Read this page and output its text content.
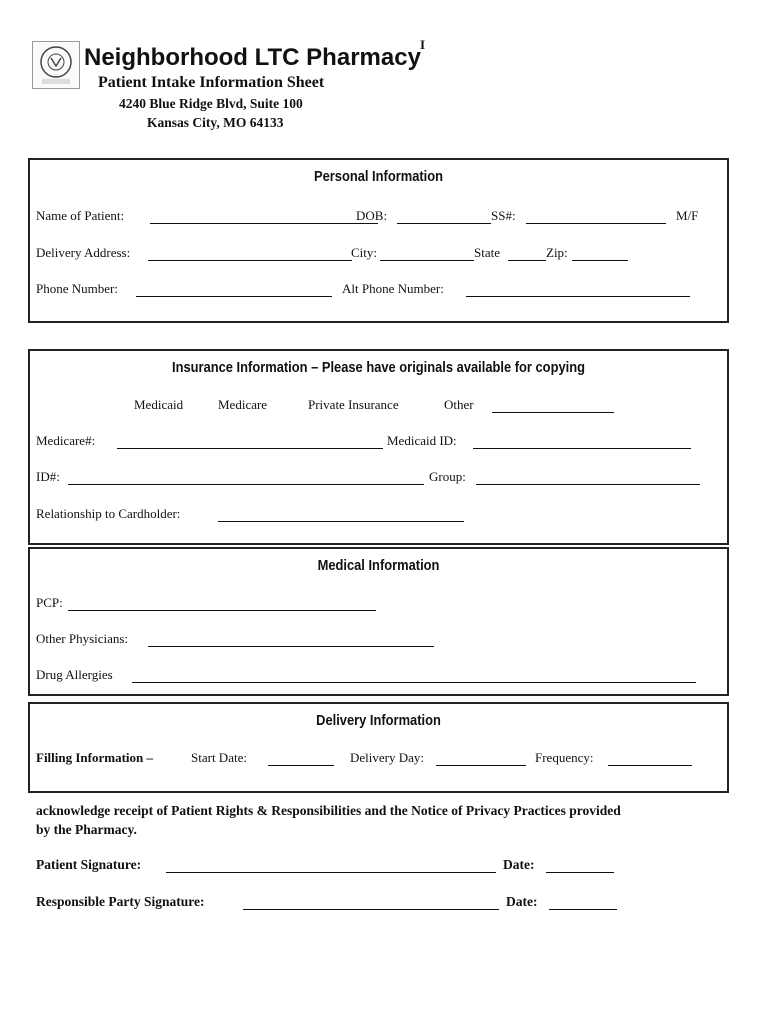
Neighborhood LTC Pharmacy I
Patient Intake Information Sheet
4240 Blue Ridge Blvd, Suite 100
Kansas City, MO 64133
Personal Information
Name of Patient:	DOB:	SS#:	M/F
Delivery Address:	City:	State	Zip:
Phone Number:	Alt Phone Number:
Insurance Information – Please have originals available for copying
Medicaid	Medicare	Private Insurance	Other
Medicare#:	Medicaid ID:
ID#:	Group:
Relationship to Cardholder:
Medical Information
PCP:
Other Physicians:
Drug Allergies
Delivery Information
Filling Information –	Start Date:	Delivery Day:	Frequency:
acknowledge receipt of Patient Rights & Responsibilities and the Notice of Privacy Practices provided
by the Pharmacy.
Patient Signature:	Date:
Responsible Party Signature:	Date:
